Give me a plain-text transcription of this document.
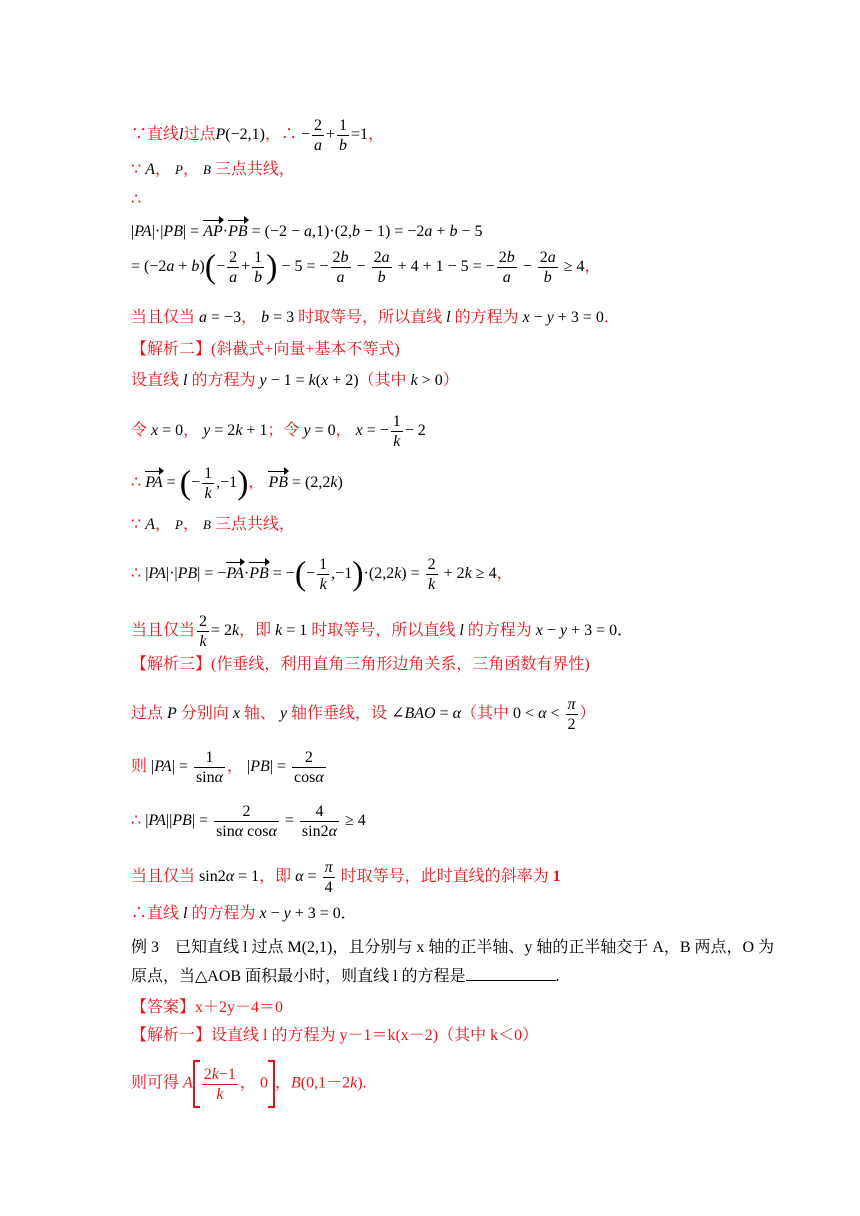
∵直线l过点P(−2,1)，∴ − $\frac{2}{a} + \frac{1}{b} =1$，
∵ A， P， B 三点共线，
∴
|PA|·|PB| = AP·PB = (−2 − a,1)·(2,b − 1) = −2a + b − 5
= $(-2a + b)(- \frac{2}{a} + \frac{1}{b}$ ) − 5 = − $\frac{2b}{a} - \frac{2a}{b} + 4 + 1 - 5$ = − $\frac{2b}{a} - \frac{2a}{b} \ge 4$，
当且仅当 a = −3， b = 3 时取等号，所以直线 l 的方程为 x − y + 3 = 0．
【解析二】(斜截式+向量+基本不等式)
设直线 l 的方程为 y − 1 = k(x + 2)（其中 k > 0）
令 x = 0， y = 2k + 1；令 y = 0， x = − $\frac{1}{k} - 2$
∴ PA = (− $\frac{1}{k} ,-1$)， PB = (2,2k)
∵ A， P， B 三点共线，
∴ |PA|·|PB| = −PA·PB = −(− $\frac{1}{k} ,-1)\cdot(2,2k) = \frac{2}{k} + 2k \ge 4$，
当且仅当 $\frac{2}{k} = 2k$，即 k = 1 时取等号，所以直线 l 的方程为 x − y + 3 = 0．
【解析三】(作垂线，利用直角三角形边角关系，三角函数有界性)
过点 P 分别向 x 轴、 y 轴作垂线，设 ∠BAO = α（其中 $0 < \alpha < \frac{\pi}{2}$ ）
则 $|PA| = \frac{1}{\sin\alpha}$ ， $|PB| = \frac{2}{\cos\alpha}$
∴ $|PA||PB| = \frac{2}{\text{sinα cosα}} = \frac{4}{\sin 2\alpha} \ge 4$
当且仅当 sin2α = 1，即 $\alpha = \frac{\pi}{4}$ 时取等号，此时直线的斜率为 1
∴直线 l 的方程为 x − y + 3 = 0．
例 3　已知直线 l 过点 M(2,1)，且分别与 x 轴的正半轴、y 轴的正半轴交于 A，B 两点，O 为
原点，当△AOB 面积最小时，则直线 l 的方程是	.
【答案】x＋2y－4＝0
【解析一】设直线 l 的方程为 y－1＝k(x－2)（其中 k＜0）
则可得 A $\frac{2k-1}{k}$ ， 0 ，B(0,1－2k).
